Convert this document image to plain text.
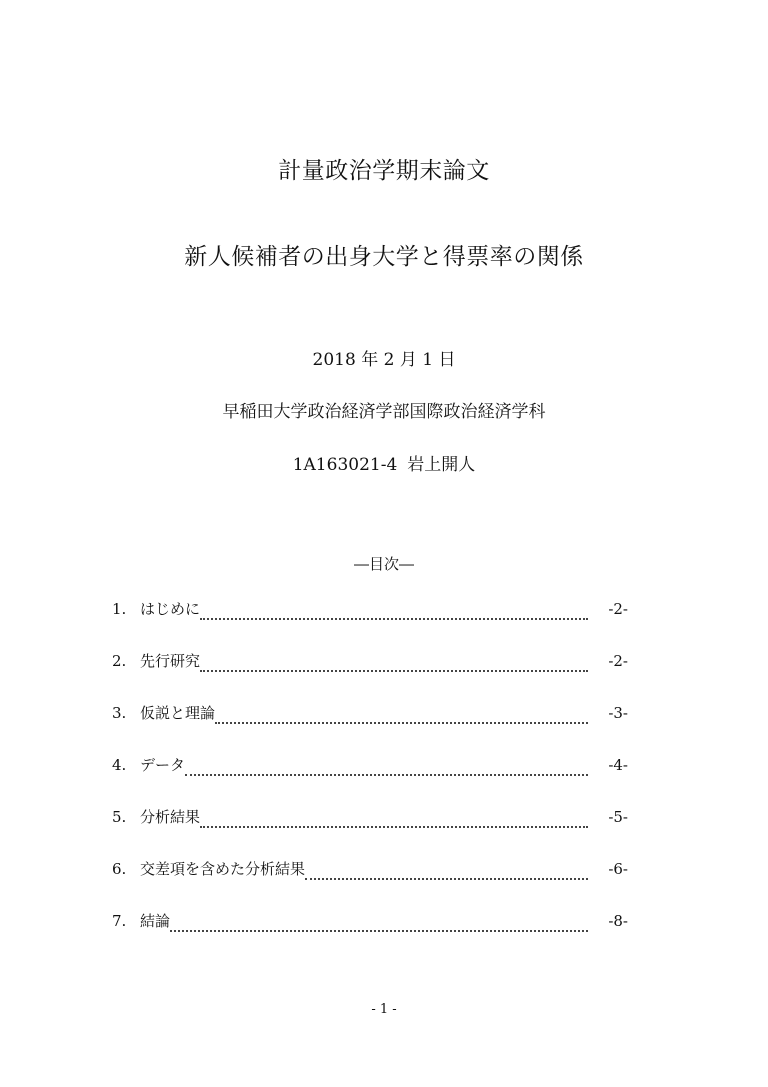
計量政治学期末論文
新人候補者の出身大学と得票率の関係
2018 年 2 月 1 日
早稲田大学政治経済学部国際政治経済学科
1A163021-4 岩上開人
―目次―
1. はじめに	-2-
2. 先行研究	-2-
3. 仮説と理論	-3-
4. データ	-4-
5. 分析結果	-5-
6. 交差項を含めた分析結果	-6-
7. 結論	-8-
- 1 -
